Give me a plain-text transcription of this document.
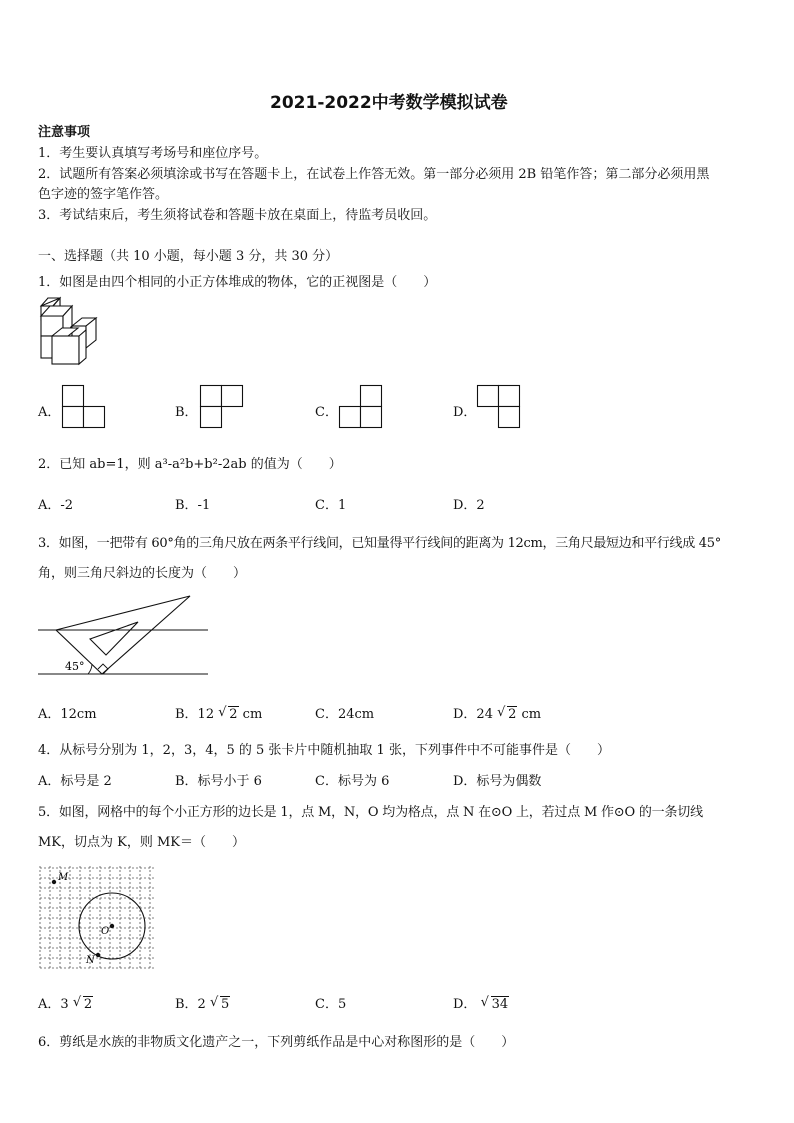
2021-2022中考数学模拟试卷
注意事项
1．考生要认真填写考场号和座位序号。
2．试题所有答案必须填涂或书写在答题卡上，在试卷上作答无效。第一部分必须用 2B 铅笔作答；第二部分必须用黑
色字迹的签字笔作答。
3．考试结束后，考生须将试卷和答题卡放在桌面上，待监考员收回。
一、选择题（共 10 小题，每小题 3 分，共 30 分）
1．如图是由四个相同的小正方体堆成的物体，它的正视图是（　　）
A．	B．	C．	D．
2．已知 ab=1，则 a³-a²b+b²-2ab 的值为（　　）
A．-2	B．-1	C．1	D．2
3．如图，一把带有 60°角的三角尺放在两条平行线间，已知量得平行线间的距离为 12cm，三角尺最短边和平行线成 45°
角，则三角尺斜边的长度为（　　）
45°
A．12cm	B．12 √ 2 cm	C．24cm	D．24 √ 2 cm
4．从标号分别为 1，2，3，4，5 的 5 张卡片中随机抽取 1 张，下列事件中不可能事件是（　　）
A．标号是 2	B．标号小于 6	C．标号为 6	D．标号为偶数
5．如图，网格中的每个小正方形的边长是 1，点 M，N，O 均为格点，点 N 在⊙O 上，若过点 M 作⊙O 的一条切线
MK，切点为 K，则 MK＝（　　）
M
O
N
A．3 √ 2	B．2 √ 5	C．5	D． √ 34
6．剪纸是水族的非物质文化遗产之一，下列剪纸作品是中心对称图形的是（　　）
